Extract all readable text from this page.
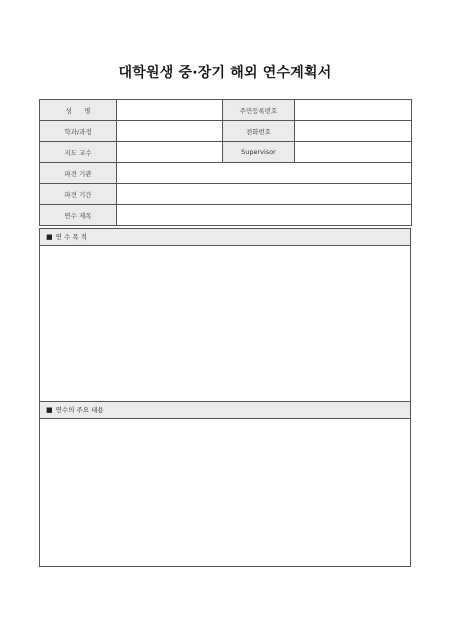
대학원생 중·장기 해외 연수계획서
성      명		주민등록번호	
학과/과정		전화번호	
지도 교수		Supervisor	
파견 기관			
파견 기간			
연수 제목			
■ 연 수 목 적
■ 연수의 주요 내용
